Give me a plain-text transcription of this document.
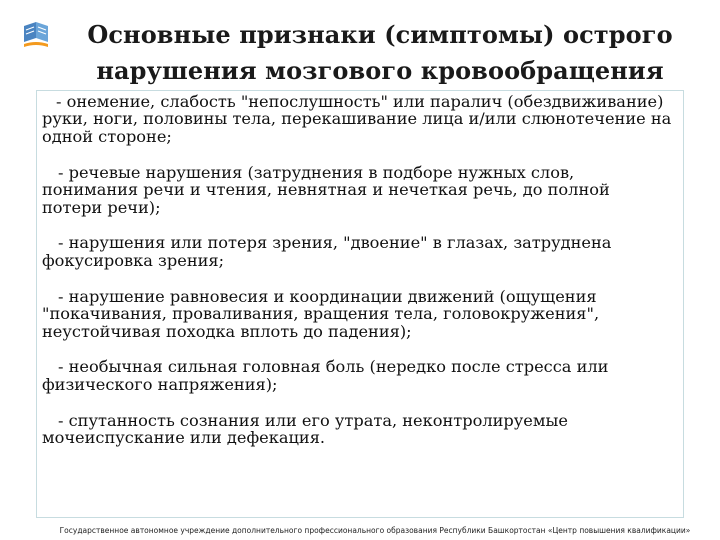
Основные признаки (симптомы) острого
нарушения мозгового кровообращения

- онемение, слабость "непослушность" или паралич (обездвиживание) руки, ноги, половины тела, перекашивание лица и/или слюнотечение на одной стороне;

- речевые нарушения (затруднения в подборе нужных слов, понимания речи и чтения, невнятная и нечеткая речь, до полной потери речи);

- нарушения или потеря зрения, "двоение" в глазах, затруднена фокусировка зрения;

- нарушение равновесия и координации движений (ощущения "покачивания, проваливания, вращения тела, головокружения", неустойчивая походка вплоть до падения);

- необычная сильная головная боль (нередко после стресса или физического напряжения);

- спутанность сознания или его утрата, неконтролируемые мочеиспускание или дефекация.

Государственное автономное учреждение дополнительного профессионального образования Республики Башкортостан «Центр повышения квалификации»
